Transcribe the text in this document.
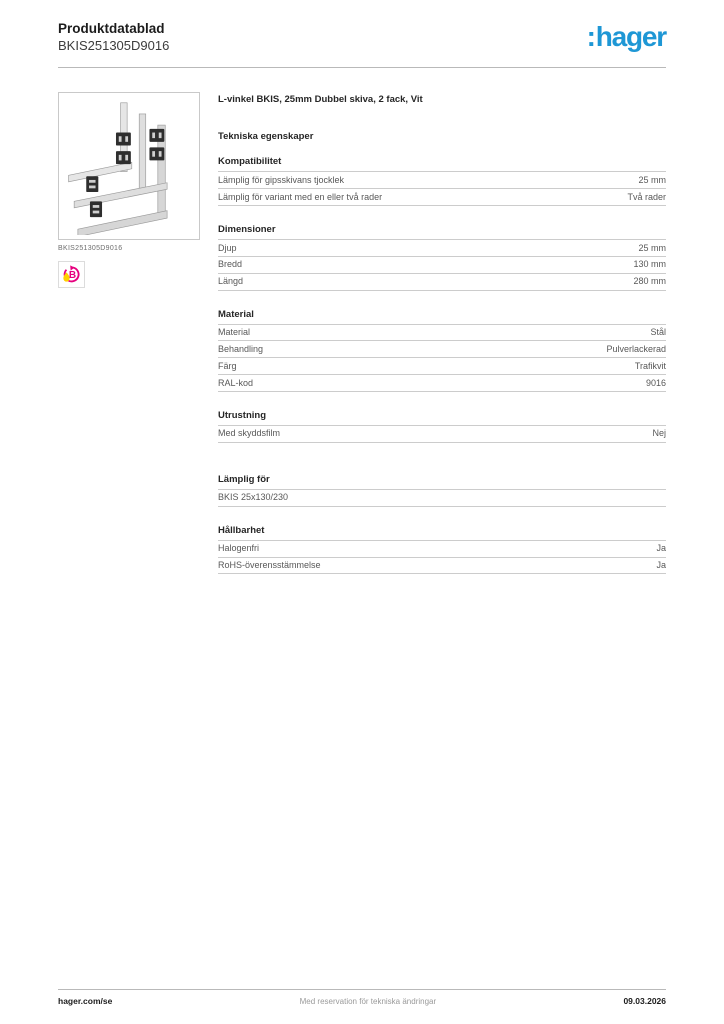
Produktdatablad
BKIS251305D9016	:hager
BKIS251305D9016
B
L-vinkel BKIS, 25mm Dubbel skiva, 2 fack, Vit
Tekniska egenskaper
Kompatibilitet
Lämplig för gipsskivans tjocklek	25 mm
Lämplig för variant med en eller två rader	Två rader
Dimensioner
Djup	25 mm
Bredd	130 mm
Längd	280 mm
Material
Material	Stål
Behandling	Pulverlackerad
Färg	Trafikvit
RAL-kod	9016
Utrustning
Med skyddsfilm	Nej
Lämplig för
BKIS 25x130/230
Hållbarhet
Halogenfri	Ja
RoHS-överensstämmelse	Ja
hager.com/se	Med reservation för tekniska ändringar	09.03.2026
